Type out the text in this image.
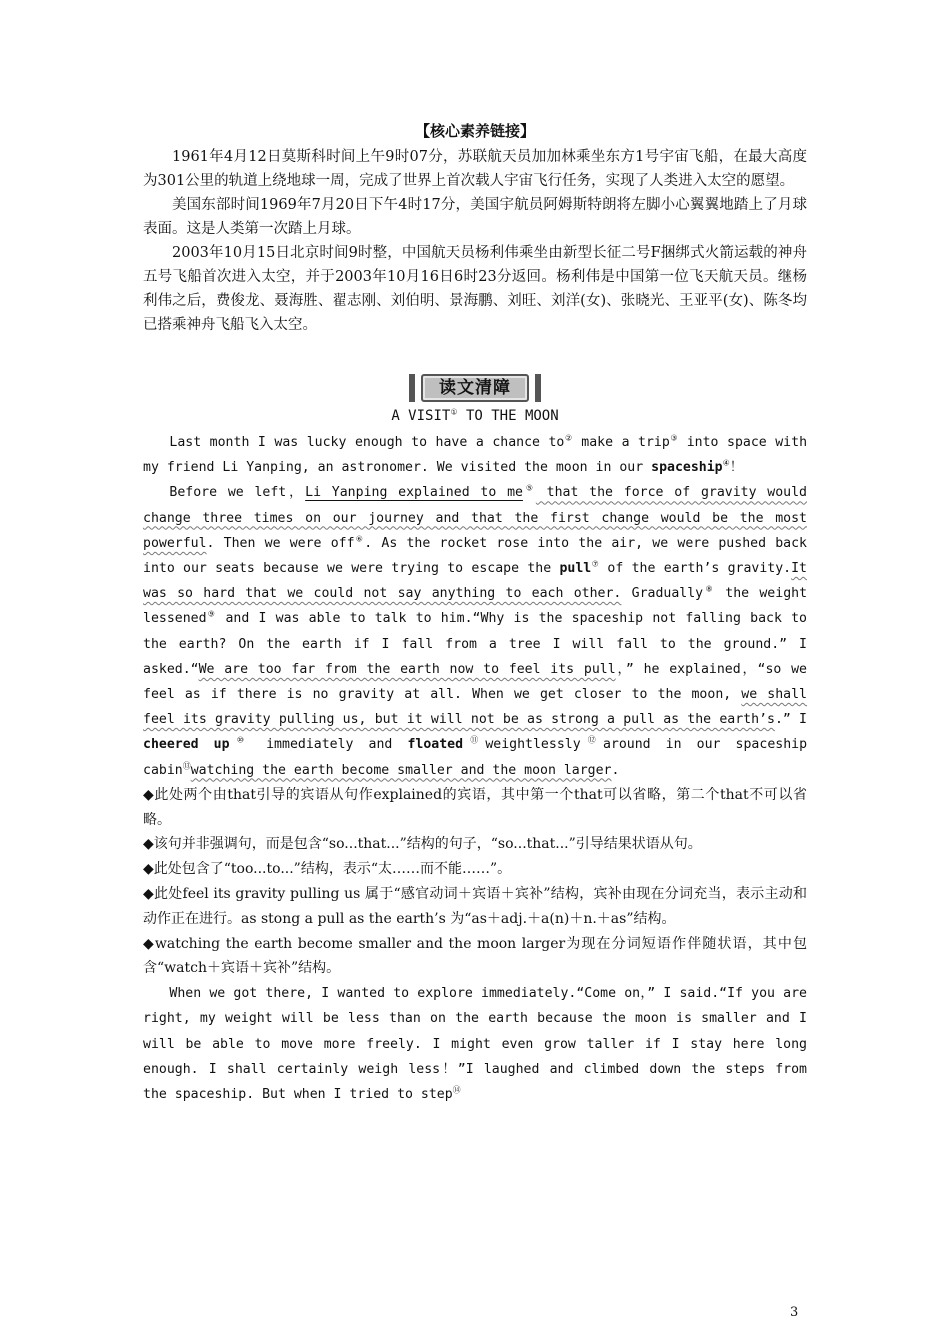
【核心素养链接】

1961年4月12日莫斯科时间上午9时07分，苏联航天员加加林乘坐东方1号宇宙飞船，在最大高度为301公里的轨道上绕地球一周，完成了世界上首次载人宇宙飞行任务，实现了人类进入太空的愿望。

美国东部时间1969年7月20日下午4时17分，美国宇航员阿姆斯特朗将左脚小心翼翼地踏上了月球表面。这是人类第一次踏上月球。

2003年10月15日北京时间9时整，中国航天员杨利伟乘坐由新型长征二号F捆绑式火箭运载的神舟五号飞船首次进入太空，并于2003年10月16日6时23分返回。杨利伟是中国第一位飞天航天员。继杨利伟之后，费俊龙、聂海胜、翟志刚、刘伯明、景海鹏、刘旺、刘洋(女)、张晓光、王亚平(女)、陈冬均已搭乘神舟飞船飞入太空。

读文清障
A VISIT① TO THE MOON

Last month I was lucky enough to have a chance to② make a trip③ into space with my friend Li Yanping, an astronomer. We visited the moon in our spaceship④！

Before we left，Li Yanping explained to me⑤ that the force of gravity would change three times on our journey and that the first change would be the most powerful. Then we were off⑥. As the rocket rose into the air, we were pushed back into our seats because we were trying to escape the pull⑦ of the earth’s gravity.It was so hard that we could not say anything to each other. Gradually⑧ the weight lessened⑨ and I was able to talk to him.“Why is the spaceship not falling back to the earth? On the earth if I fall from a tree I will fall to the ground.” I asked.“We are too far from the earth now to feel its pull，” he explained，“so we feel as if there is no gravity at all. When we get closer to the moon, we shall feel its gravity pulling us, but it will not be as strong a pull as the earth’s.” I cheered up⑩ immediately and floated⑪weightlessly⑫around in our spaceship cabin⑬watching the earth become smaller and the moon larger.

◆此处两个由that引导的宾语从句作explained的宾语，其中第一个that可以省略，第二个that不可以省略。

◆该句并非强调句，而是包含“so...that...”结构的句子，“so...that...”引导结果状语从句。

◆此处包含了“too...to...”结构，表示“太……而不能……”。

◆此处feel its gravity pulling us 属于“感官动词＋宾语＋宾补”结构，宾补由现在分词充当，表示主动和动作正在进行。as stong a pull as the earth’s 为“as＋adj.＋a(n)＋n.＋as”结构。

◆watching the earth become smaller and the moon larger为现在分词短语作伴随状语，其中包含“watch＋宾语＋宾补”结构。

When we got there, I wanted to explore immediately.“Come on，” I said.“If you are right, my weight will be less than on the earth because the moon is smaller and I will be able to move more freely. I might even grow taller if I stay here long enough. I shall certainly weigh less！”I laughed and climbed down the steps from the spaceship. But when I tried to step⑭

3
